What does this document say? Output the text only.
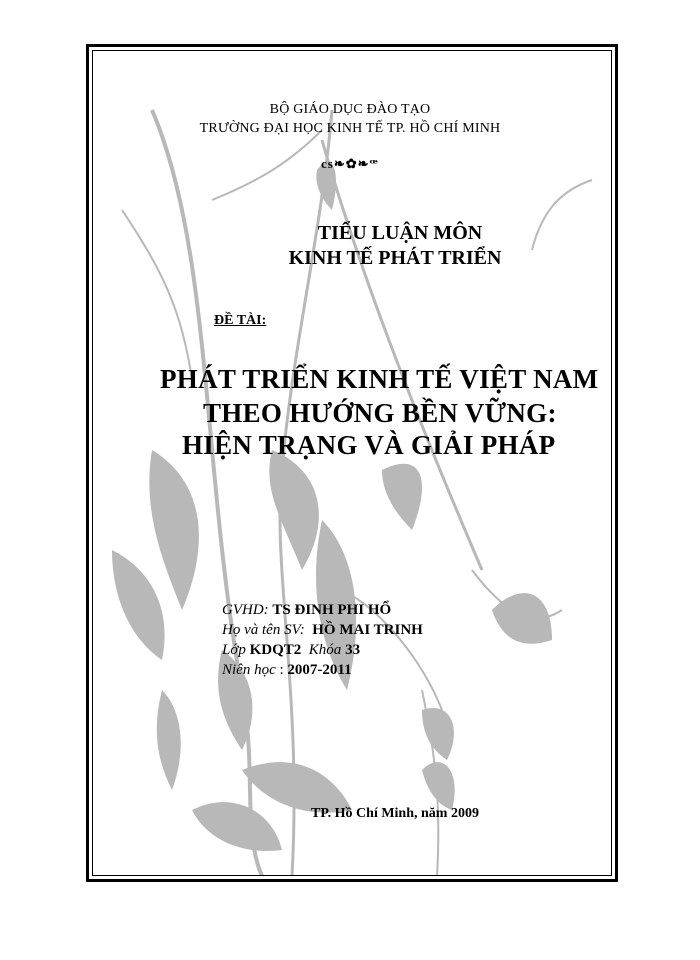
BỘ GIÁO DỤC ĐÀO TẠO
TRƯỜNG ĐẠI HỌC KINH TẾ TP. HỒ CHÍ MINH
cs❧✿❧ꟹ
TIỂU LUẬN MÔN
KINH TẾ PHÁT TRIỂN
ĐỀ TÀI:
PHÁT TRIỂN KINH TẾ VIỆT NAM
THEO HƯỚNG BỀN VỮNG:
HIỆN TRẠNG VÀ GIẢI PHÁP
GVHD: TS ĐINH PHI HỔ
Họ và tên SV: HỒ MAI TRINH
Lớp KDQT2 Khóa 33
Niên học : 2007-2011
TP. Hồ Chí Minh, năm 2009
